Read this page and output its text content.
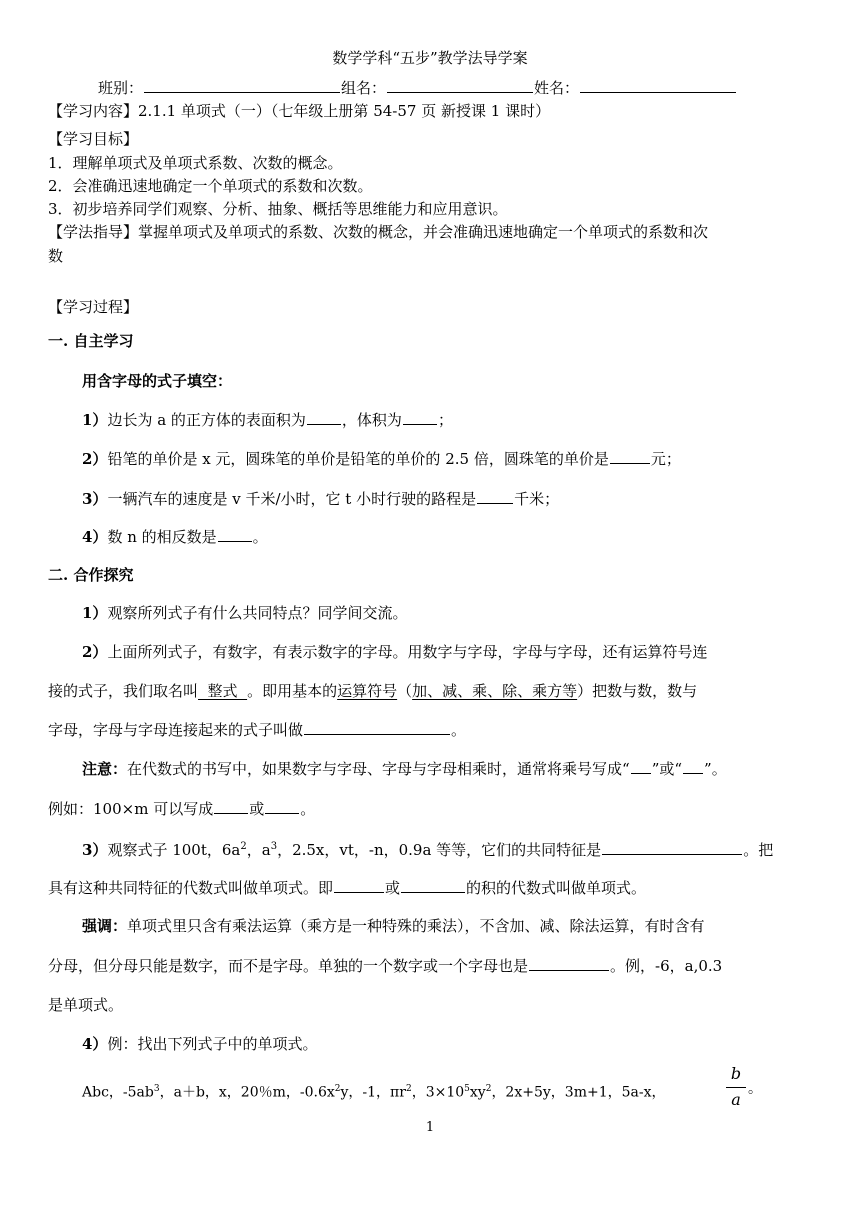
数学学科“五步”教学法导学案
班别：	组名：	姓名：
【学习内容】2.1.1 单项式（一）（七年级上册第 54-57 页 新授课 1 课时）
【学习目标】
1．理解单项式及单项式系数、次数的概念。
2．会准确迅速地确定一个单项式的系数和次数。
3．初步培养同学们观察、分析、抽象、概括等思维能力和应用意识。
【学法指导】掌握单项式及单项式的系数、次数的概念，并会准确迅速地确定一个单项式的系数和次
数
【学习过程】
一. 自主学习
用含字母的式子填空：
1）边长为 a 的正方体的表面积为 ，体积为 ；
2）铅笔的单价是 x 元，圆珠笔的单价是铅笔的单价的 2.5 倍，圆珠笔的单价是	元；
3）一辆汽车的速度是 v 千米/小时，它 t 小时行驶的路程是	千米；
4）数 n 的相反数是 。
二. 合作探究
1）观察所列式子有什么共同特点？同学间交流。
2）上面所列式子，有数字，有表示数字的字母。用数字与字母，字母与字母，还有运算符号连
接的式子，我们取名叫  整式  。即用基本的运算符号（加、减、乘、除、乘方等）把数与数，数与
字母，字母与字母连接起来的式子叫做	。
注意：在代数式的书写中，如果数字与字母、字母与字母相乘时，通常将乘号写成“ ”或“ ”。
例如：100×m 可以写成 或 。
3）观察式子 100t，$6a^2$，$a^3$，2.5x，vt，-n，0.9a 等等，它们的共同特征是	。把
具有这种共同特征的代数式叫做单项式。即	或	的积的代数式叫做单项式。
强调：单项式里只含有乘法运算（乘方是一种特殊的乘法），不含加、减、除法运算，有时含有
分母，但分母只能是数字，而不是字母。单独的一个数字或一个字母也是	。例，-6，a,0.3
是单项式。
4）例：找出下列式子中的单项式。
Abc，$-5ab^3$，a＋b，x，20％m，$-0.6x^2y$，-1，$\pi r^2$，$3\times 10^5xy^2$，2x+5y，3m+1，5a-x，
b
a
。
1
